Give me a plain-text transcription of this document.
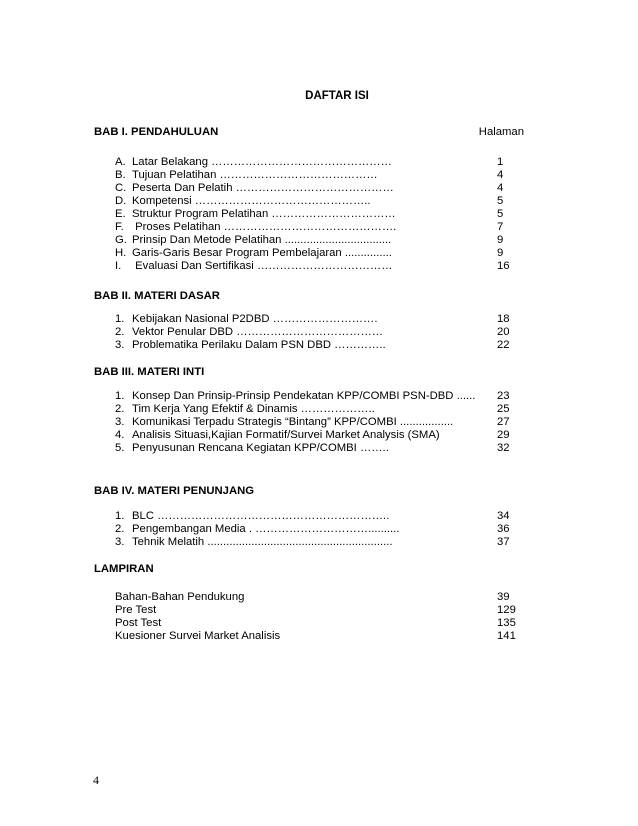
DAFTAR ISI
BAB I. PENDAHULUAN	Halaman
A. Latar Belakang …………………………………………	1
B. Tujuan Pelatihan ……………………………………	4
C. Peserta Dan Pelatih ……………………………………	4
D. Kompetensi ………………………………………..	5
E. Struktur Program Pelatihan ……………………………	5
F. Proses Pelatihan ……………………………………….	7
G. Prinsip Dan Metode Pelatihan ..................................	9
H. Garis-Garis Besar Program Pembelajaran ...............	9
I. Evaluasi Dan Sertifikasi ………………………………	16
BAB II. MATERI DASAR
1. Kebijakan Nasional P2DBD ……………………….	18
2. Vektor Penular DBD …………………………………	20
3. Problematika Perilaku Dalam PSN DBD …………..	22
BAB III. MATERI INTI
1. Konsep Dan Prinsip-Prinsip Pendekatan KPP/COMBI PSN-DBD ...... 23
2. Tim Kerja Yang Efektif & Dinamis ………………..	25
3. Komunikasi Terpadu Strategis “Bintang” KPP/COMBI .................	27
4. Analisis Situasi,Kajian Formatif/Survei Market Analysis (SMA)	29
5. Penyusunan Rencana Kegiatan KPP/COMBI ……..	32
BAB IV. MATERI PENUNJANG
1. BLC ……………………………………………………..	34
2. Pengembangan Media . …………………………..........	36
3. Tehnik Melatih ...........................................................	37
LAMPIRAN
Bahan-Bahan Pendukung	39
Pre Test	129
Post Test	135
Kuesioner Survei Market Analisis	141
4
